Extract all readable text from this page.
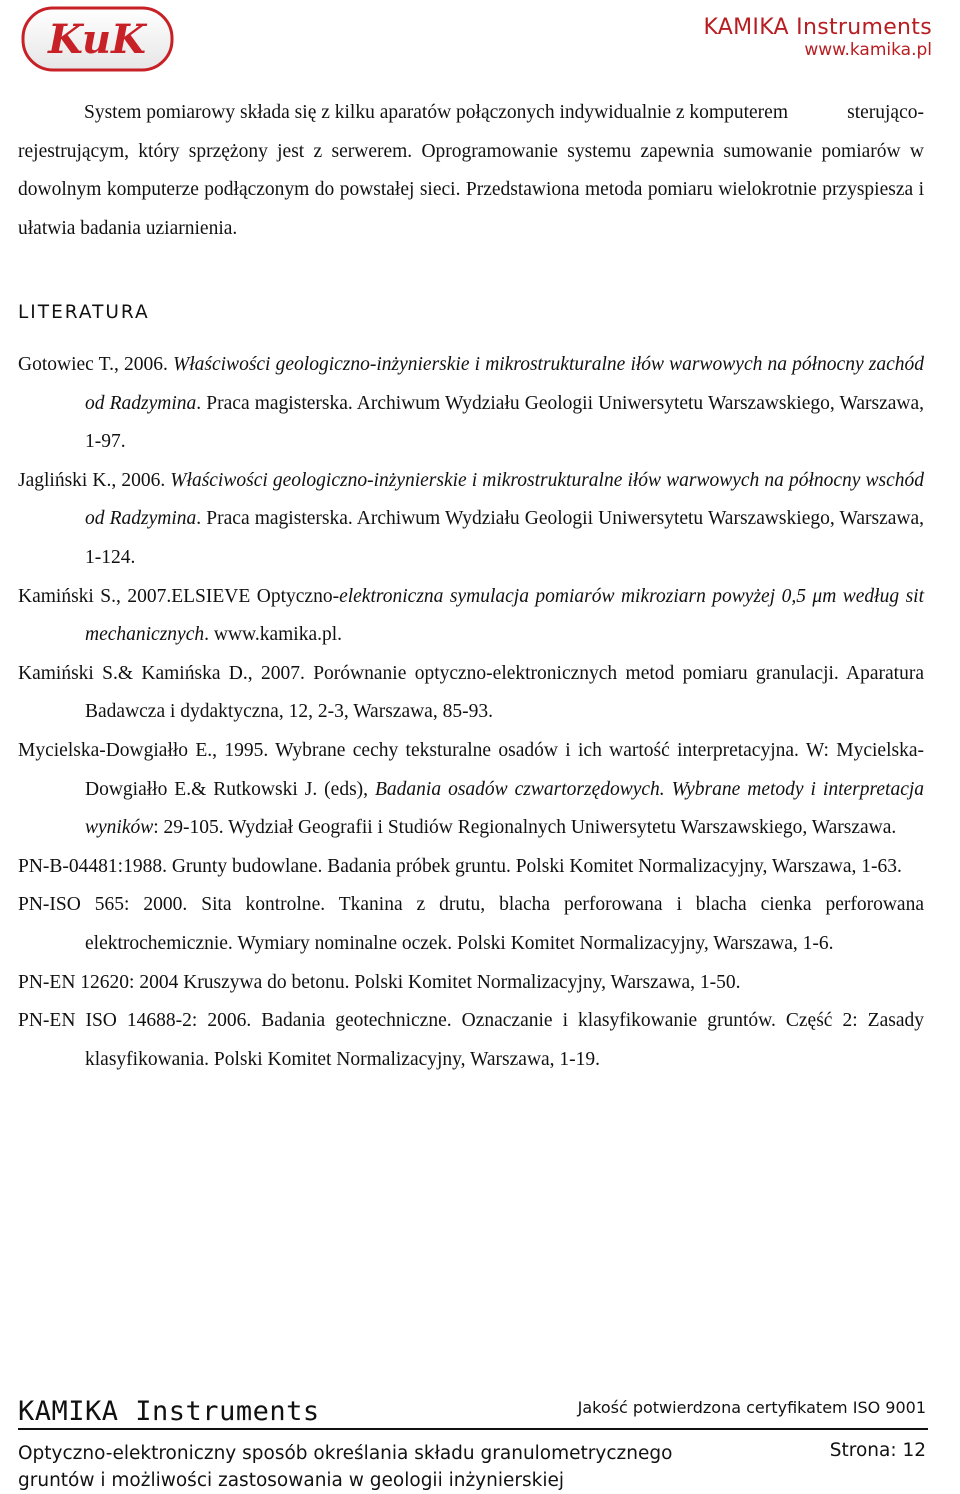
KuK	KAMIKA Instruments
www.kamika.pl
System pomiarowy składa się z kilku aparatów połączonych indywidualnie z komputerem	sterująco-rejestrującym, który sprzężony jest z serwerem. Oprogramowanie systemu zapewnia sumowanie pomiarów w dowolnym komputerze podłączonym do powstałej sieci. Przedstawiona metoda pomiaru wielokrotnie przyspiesza i ułatwia badania uziarnienia.
LITERATURA

Gotowiec T., 2006. Właściwości geologiczno-inżynierskie i mikrostrukturalne iłów warwowych na północny zachód od Radzymina. Praca magisterska. Archiwum Wydziału Geologii Uniwersytetu Warszawskiego, Warszawa, 1-97.

Jagliński K., 2006. Właściwości geologiczno-inżynierskie i mikrostrukturalne iłów warwowych na północny wschód od Radzymina. Praca magisterska. Archiwum Wydziału Geologii Uniwersytetu Warszawskiego, Warszawa, 1-124.

Kamiński S., 2007.ELSIEVE Optyczno-elektroniczna symulacja pomiarów mikroziarn powyżej 0,5 μm według sit mechanicznych. www.kamika.pl.

Kamiński S.& Kamińska D., 2007. Porównanie optyczno-elektronicznych metod pomiaru granulacji. Aparatura Badawcza i dydaktyczna, 12, 2-3, Warszawa, 85-93.

Mycielska-Dowgiałło E., 1995. Wybrane cechy teksturalne osadów i ich wartość interpretacyjna. W: Mycielska-Dowgiałło E.& Rutkowski J. (eds), Badania osadów czwartorzędowych. Wybrane metody i interpretacja wyników: 29-105. Wydział Geografii i Studiów Regionalnych Uniwersytetu Warszawskiego, Warszawa.

PN-B-04481:1988. Grunty budowlane. Badania próbek gruntu. Polski Komitet Normalizacyjny, Warszawa, 1-63.

PN-ISO 565: 2000. Sita kontrolne. Tkanina z drutu, blacha perforowana i blacha cienka perforowana elektrochemicznie. Wymiary nominalne oczek. Polski Komitet Normalizacyjny, Warszawa, 1-6.

PN-EN 12620: 2004 Kruszywa do betonu. Polski Komitet Normalizacyjny, Warszawa, 1-50.

PN-EN ISO 14688-2: 2006. Badania geotechniczne. Oznaczanie i klasyfikowanie gruntów. Część 2: Zasady klasyfikowania. Polski Komitet Normalizacyjny, Warszawa, 1-19.

KAMIKA Instruments	Jakość potwierdzona certyfikatem ISO 9001
Optyczno-elektroniczny sposób określania składu granulometrycznego
gruntów i możliwości zastosowania w geologii inżynierskiej
Strona: 12
